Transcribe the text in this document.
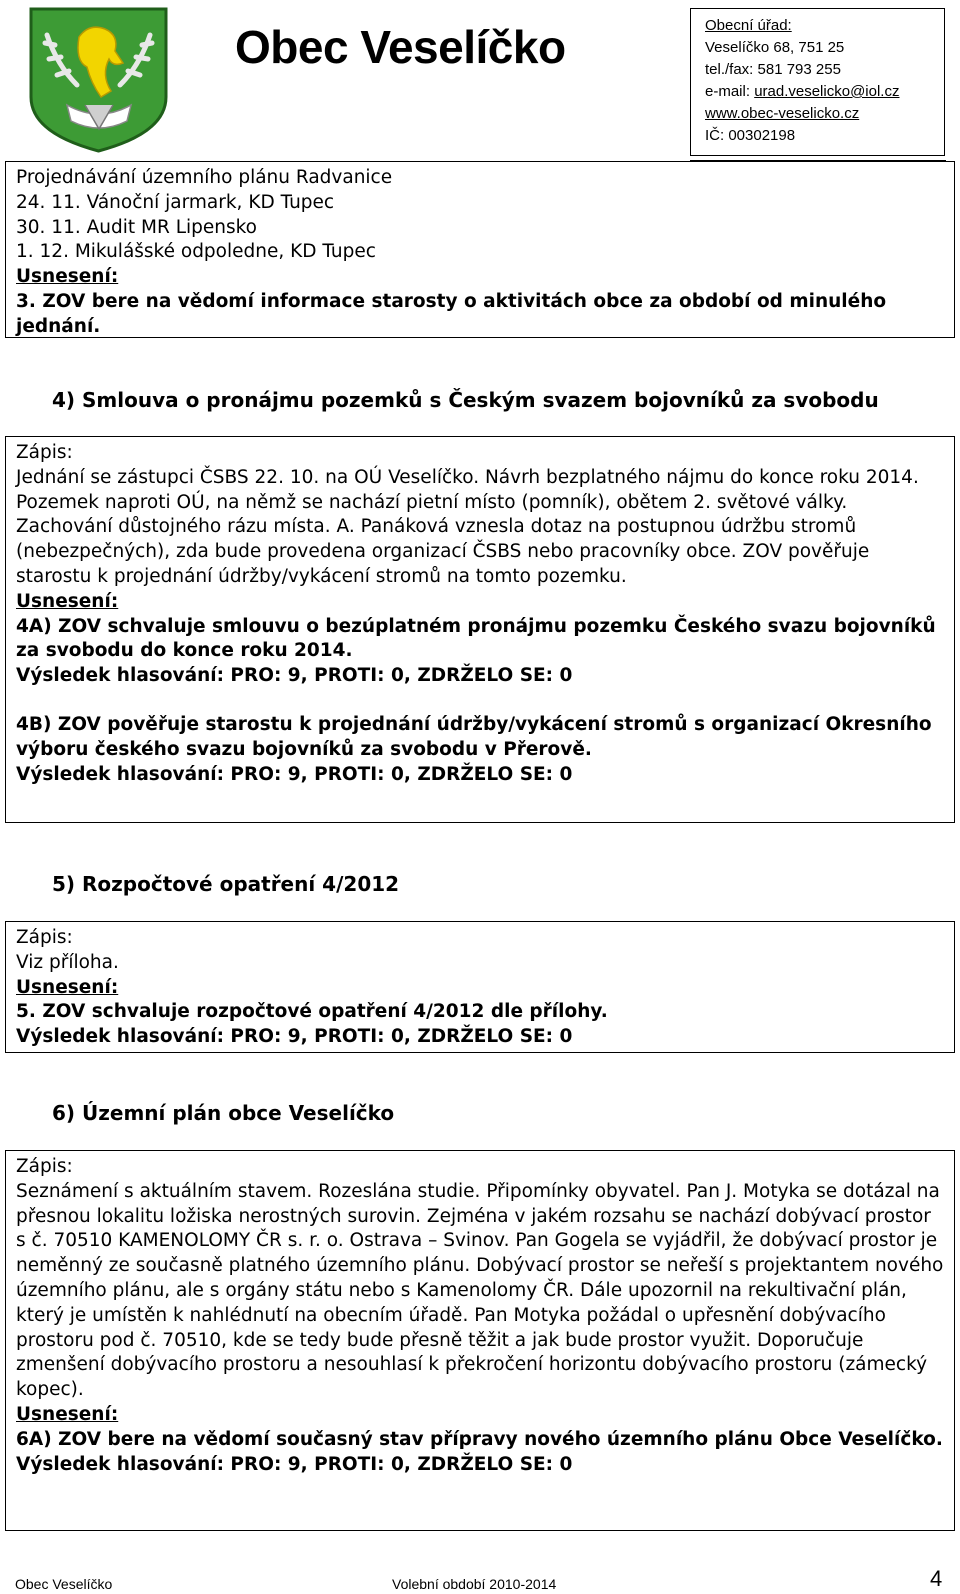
Obec Veselíčko	Obecní úřad:
Veselíčko 68, 751 25
tel./fax: 581 793 255
e-mail: urad.veselicko@iol.cz
www.obec-veselicko.cz
IČ: 00302198

Projednávání územního plánu Radvanice

24. 11. Vánoční jarmark, KD Tupec

30. 11. Audit MR Lipensko

1. 12. Mikulášské odpoledne, KD Tupec

Usnesení:

3. ZOV bere na vědomí informace starosty o aktivitách obce za období od minulého jednání.

4) Smlouva o pronájmu pozemků s Českým svazem bojovníků za svobodu

Zápis:

Jednání se zástupci ČSBS 22. 10. na OÚ Veselíčko. Návrh bezplatného nájmu do konce roku 2014. Pozemek naproti OÚ, na němž se nachází pietní místo (pomník), obětem 2. světové války. Zachování důstojného rázu místa. A. Panáková vznesla dotaz na postupnou údržbu stromů (nebezpečných), zda bude provedena organizací ČSBS nebo pracovníky obce. ZOV pověřuje starostu k projednání údržby/vykácení stromů na tomto pozemku.

Usnesení:

4A) ZOV schvaluje smlouvu o bezúplatném pronájmu pozemku Českého svazu bojovníků za svobodu do konce roku 2014.

Výsledek hlasování: PRO: 9, PROTI: 0, ZDRŽELO SE: 0

4B) ZOV pověřuje starostu k projednání údržby/vykácení stromů s organizací Okresního výboru českého svazu bojovníků za svobodu v Přerově.

Výsledek hlasování: PRO: 9, PROTI: 0, ZDRŽELO SE: 0

5) Rozpočtové opatření 4/2012

Zápis:

Viz příloha.

Usnesení:

5. ZOV schvaluje rozpočtové opatření 4/2012 dle přílohy.

Výsledek hlasování: PRO: 9, PROTI: 0, ZDRŽELO SE: 0

6) Územní plán obce Veselíčko

Zápis:

Seznámení s aktuálním stavem. Rozeslána studie. Připomínky obyvatel. Pan J. Motyka se dotázal na přesnou lokalitu ložiska nerostných surovin. Zejména v jakém rozsahu se nachází dobývací prostor s č. 70510 KAMENOLOMY ČR s. r. o. Ostrava – Svinov. Pan Gogela se vyjádřil, že dobývací prostor je neměnný ze současně platného územního plánu. Dobývací prostor se neřeší s projektantem nového územního plánu, ale s orgány státu nebo s Kamenolomy ČR. Dále upozornil na rekultivační plán, který je umístěn k nahlédnutí na obecním úřadě. Pan Motyka požádal o upřesnění dobývacího prostoru pod č. 70510, kde se tedy bude přesně těžit a jak bude prostor využit. Doporučuje zmenšení dobývacího prostoru a nesouhlasí k překročení horizontu dobývacího prostoru (zámecký kopec).

Usnesení:

6A) ZOV bere na vědomí současný stav přípravy nového územního plánu Obce Veselíčko.

Výsledek hlasování: PRO: 9, PROTI: 0, ZDRŽELO SE: 0

Obec Veselíčko	Volební období 2010-2014	4
